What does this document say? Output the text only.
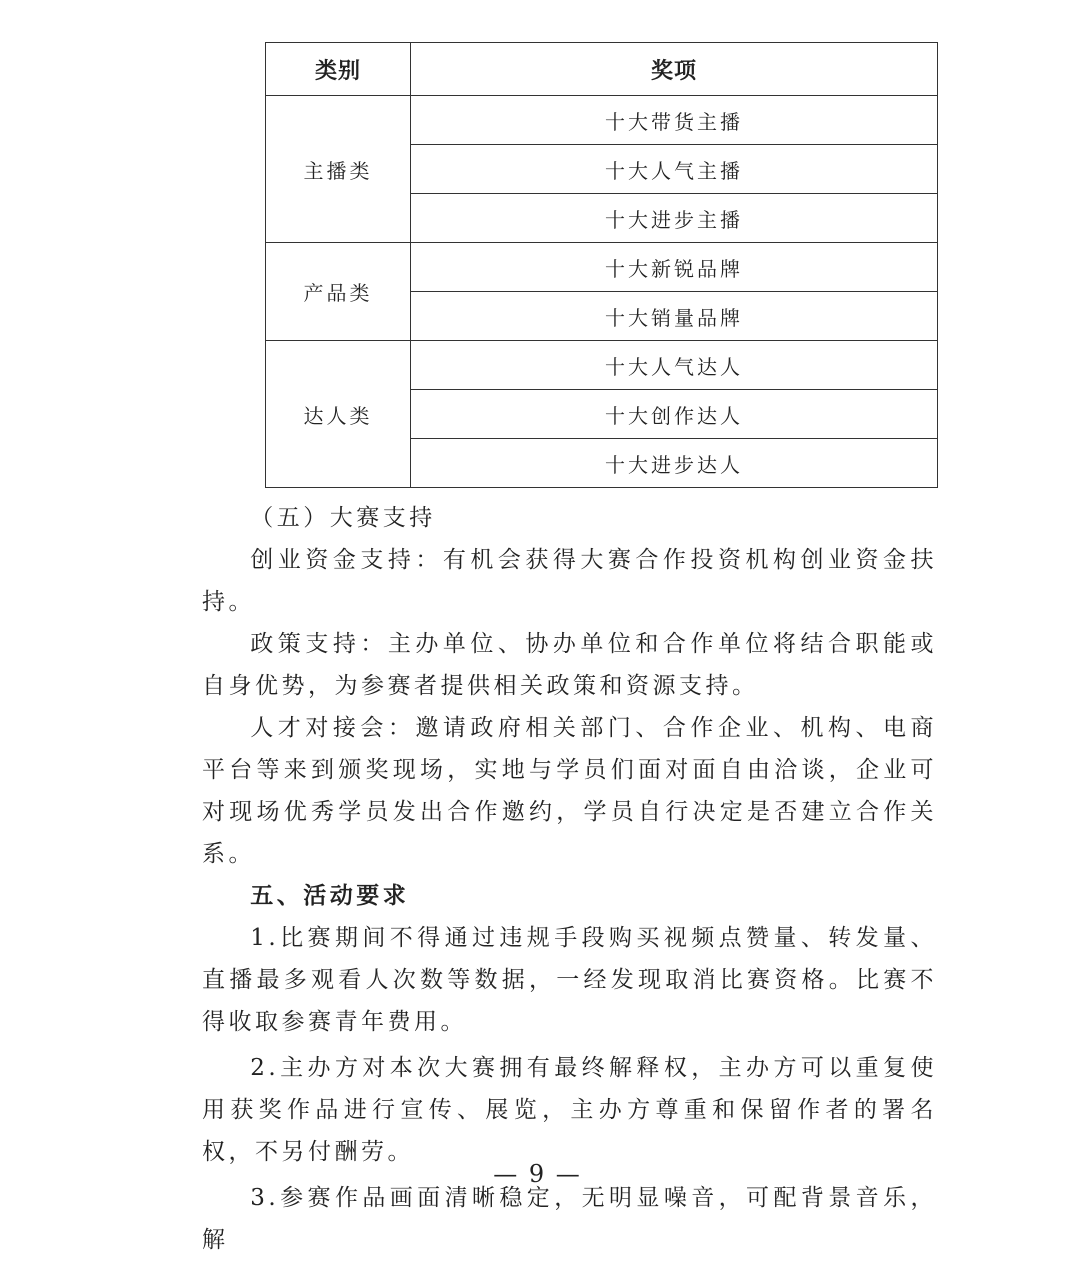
类别	奖项
主播类	十大带货主播
	十大人气主播
	十大进步主播
产品类	十大新锐品牌
	十大销量品牌
达人类	十大人气达人
	十大创作达人
	十大进步达人

（五）大赛支持

创业资金支持：有机会获得大赛合作投资机构创业资金扶持。

政策支持：主办单位、协办单位和合作单位将结合职能或自身优势，为参赛者提供相关政策和资源支持。

人才对接会：邀请政府相关部门、合作企业、机构、电商平台等来到颁奖现场，实地与学员们面对面自由洽谈，企业可对现场优秀学员发出合作邀约，学员自行决定是否建立合作关系。

五、活动要求

1.比赛期间不得通过违规手段购买视频点赞量、转发量、直播最多观看人次数等数据，一经发现取消比赛资格。比赛不得收取参赛青年费用。

2.主办方对本次大赛拥有最终解释权，主办方可以重复使用获奖作品进行宣传、展览，主办方尊重和保留作者的署名权，不另付酬劳。

3.参赛作品画面清晰稳定，无明显噪音，可配背景音乐，解

— 9 —
